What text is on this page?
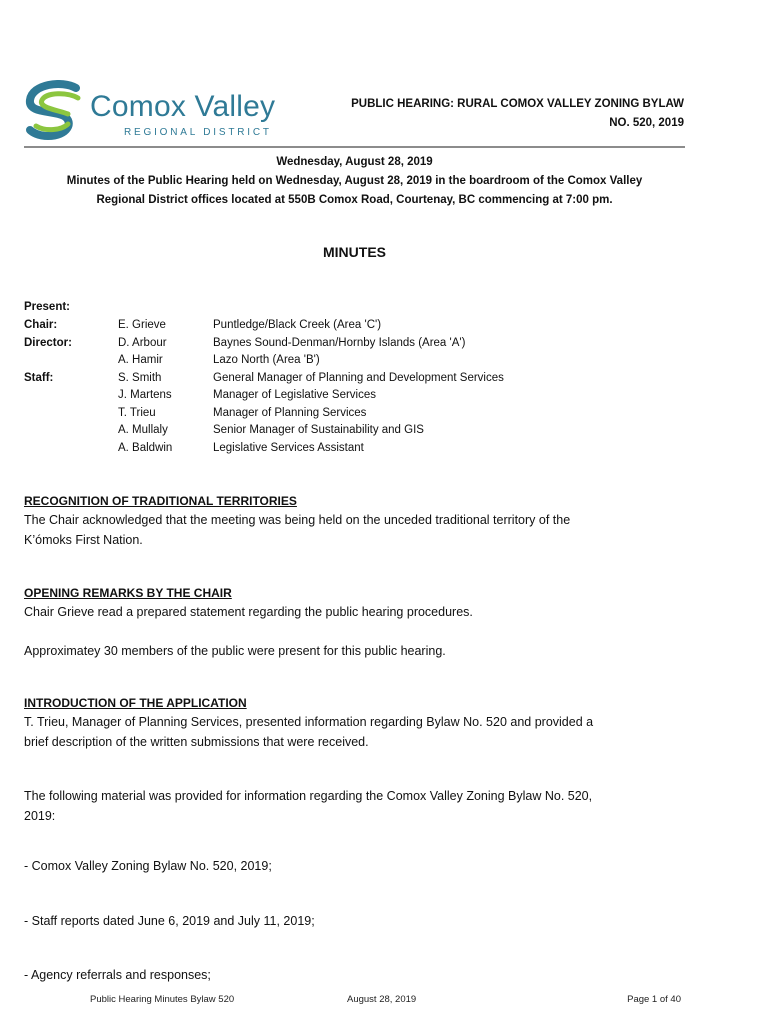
Comox Valley
REGIONAL DISTRICT
PUBLIC HEARING: RURAL COMOX VALLEY ZONING BYLAW
NO. 520, 2019
Wednesday, August 28, 2019
Minutes of the Public Hearing held on Wednesday, August 28, 2019 in the boardroom of the Comox Valley
Regional District offices located at 550B Comox Road, Courtenay, BC commencing at 7:00 pm.
MINUTES
Present:
Chair:	E. Grieve	Puntledge/Black Creek (Area 'C')
Director:	D. Arbour	Baynes Sound-Denman/Hornby Islands (Area 'A')
A. Hamir	Lazo North (Area 'B')
Staff:	S. Smith	General Manager of Planning and Development Services
J. Martens	Manager of Legislative Services
T. Trieu	Manager of Planning Services
A. Mullaly	Senior Manager of Sustainability and GIS
A. Baldwin	Legislative Services Assistant
RECOGNITION OF TRADITIONAL TERRITORIES
The Chair acknowledged that the meeting was being held on the unceded traditional territory of the
K’ómoks First Nation.
OPENING REMARKS BY THE CHAIR
Chair Grieve read a prepared statement regarding the public hearing procedures.
Approximatey 30 members of the public were present for this public hearing.
INTRODUCTION OF THE APPLICATION
T. Trieu, Manager of Planning Services, presented information regarding Bylaw No. 520 and provided a
brief description of the written submissions that were received.
The following material was provided for information regarding the Comox Valley Zoning Bylaw No. 520,
2019:
- Comox Valley Zoning Bylaw No. 520, 2019;
- Staff reports dated June 6, 2019 and July 11, 2019;
- Agency referrals and responses;
Public Hearing Minutes Bylaw 520	August 28, 2019	Page 1 of 40
